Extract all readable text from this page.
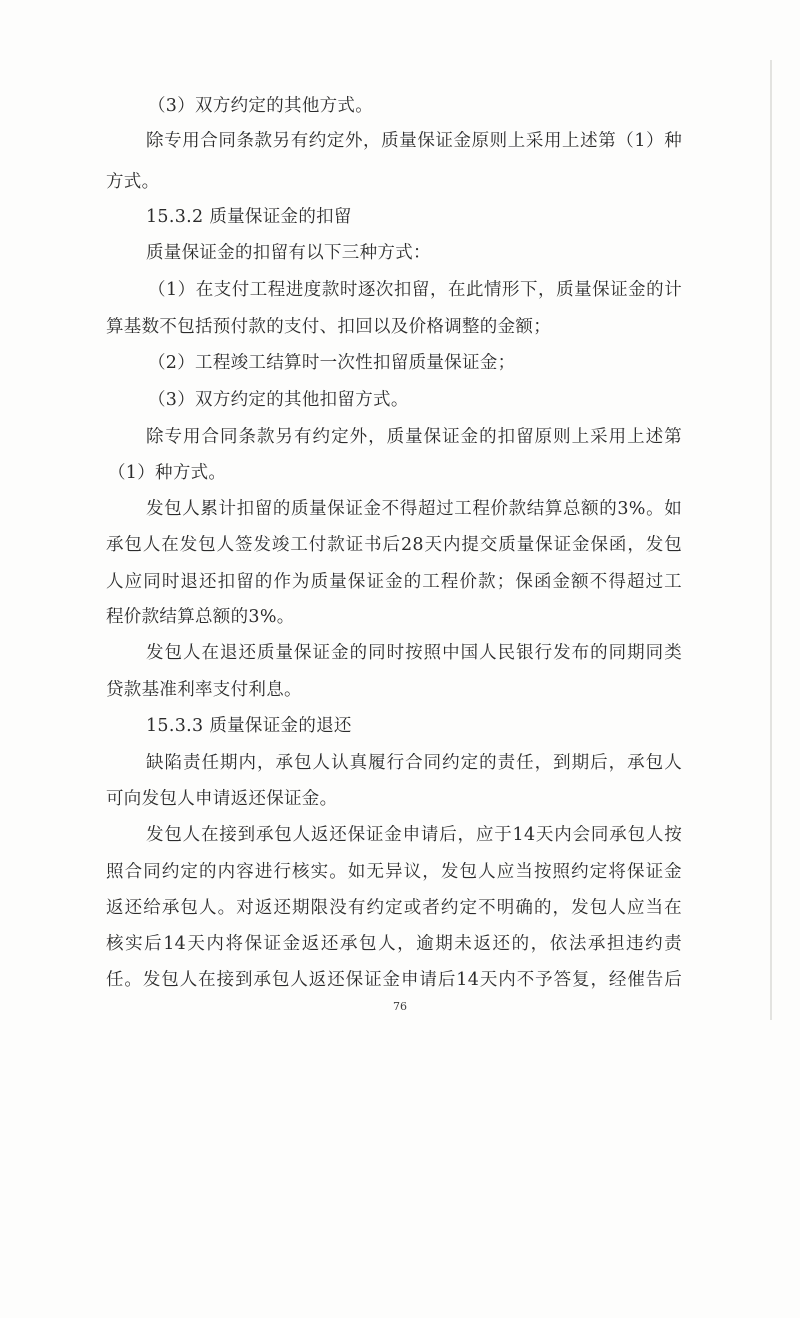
（3）双方约定的其他方式。
除专用合同条款另有约定外，质量保证金原则上采用上述第（1）种
方式。
15.3.2 质量保证金的扣留
质量保证金的扣留有以下三种方式：
（1）在支付工程进度款时逐次扣留，在此情形下，质量保证金的计
算基数不包括预付款的支付、扣回以及价格调整的金额；
（2）工程竣工结算时一次性扣留质量保证金；
（3）双方约定的其他扣留方式。
除专用合同条款另有约定外，质量保证金的扣留原则上采用上述第
（1）种方式。
发包人累计扣留的质量保证金不得超过工程价款结算总额的3%。如
承包人在发包人签发竣工付款证书后28天内提交质量保证金保函，发包
人应同时退还扣留的作为质量保证金的工程价款；保函金额不得超过工
程价款结算总额的3%。
发包人在退还质量保证金的同时按照中国人民银行发布的同期同类
贷款基准利率支付利息。
15.3.3 质量保证金的退还
缺陷责任期内，承包人认真履行合同约定的责任，到期后，承包人
可向发包人申请返还保证金。
发包人在接到承包人返还保证金申请后，应于14天内会同承包人按
照合同约定的内容进行核实。如无异议，发包人应当按照约定将保证金
返还给承包人。对返还期限没有约定或者约定不明确的，发包人应当在
核实后14天内将保证金返还承包人，逾期未返还的，依法承担违约责
任。发包人在接到承包人返还保证金申请后14天内不予答复，经催告后
76
